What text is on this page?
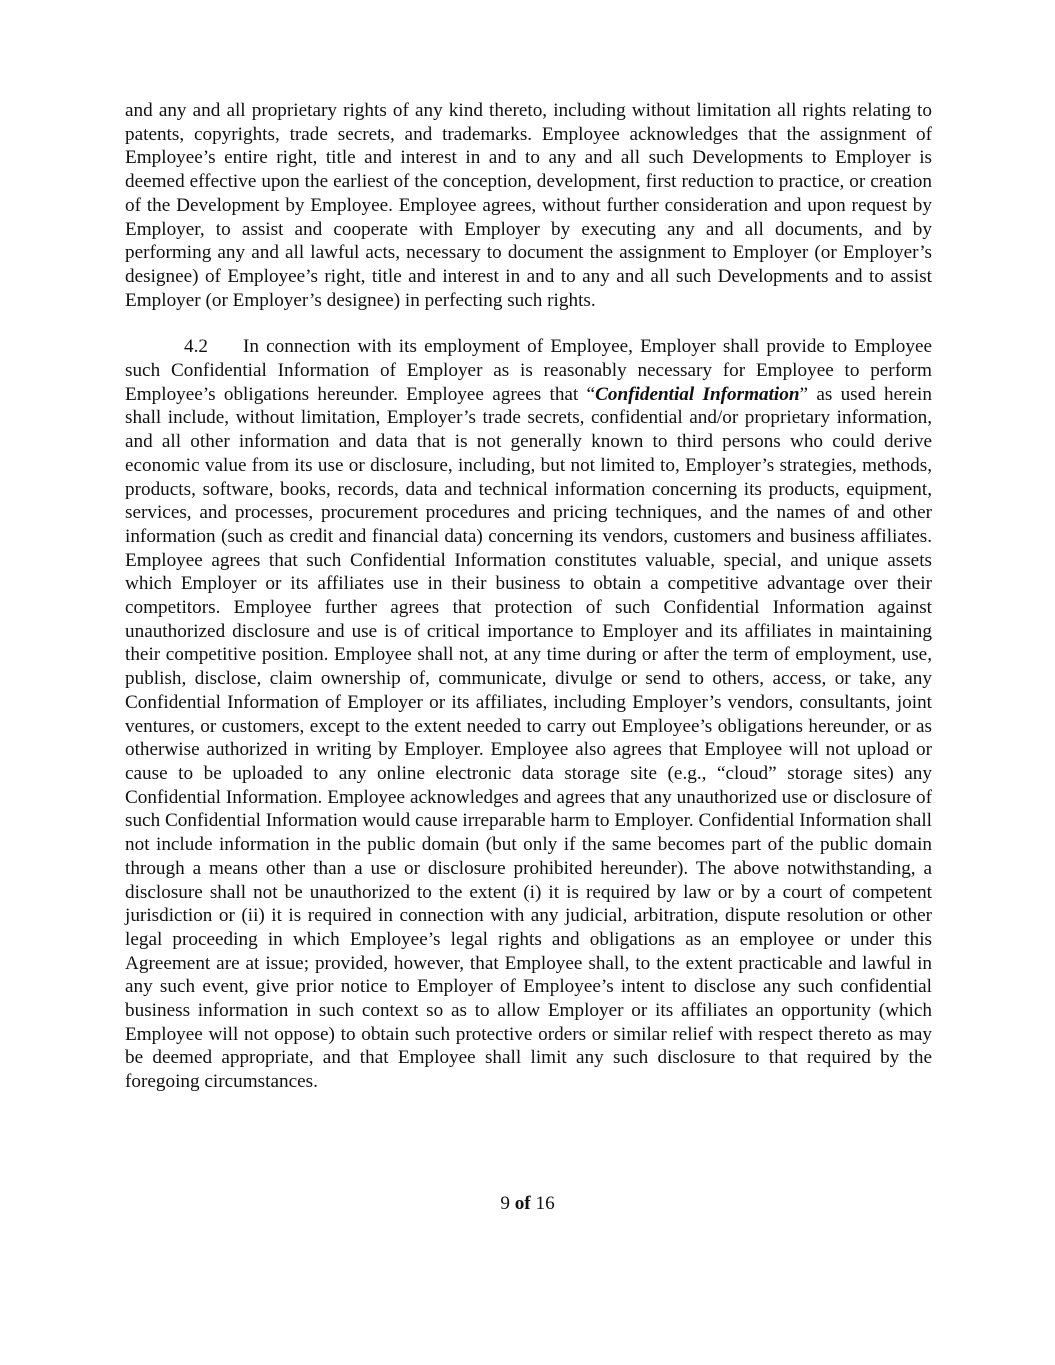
and any and all proprietary rights of any kind thereto, including without limitation all rights relating to patents, copyrights, trade secrets, and trademarks. Employee acknowledges that the assignment of Employee’s entire right, title and interest in and to any and all such Developments to Employer is deemed effective upon the earliest of the conception, development, first reduction to practice, or creation of the Development by Employee. Employee agrees, without further consideration and upon request by Employer, to assist and cooperate with Employer by executing any and all documents, and by performing any and all lawful acts, necessary to document the assignment to Employer (or Employer’s designee) of Employee’s right, title and interest in and to any and all such Developments and to assist Employer (or Employer’s designee) in perfecting such rights.

4.2 In connection with its employment of Employee, Employer shall provide to Employee such Confidential Information of Employer as is reasonably necessary for Employee to perform Employee’s obligations hereunder. Employee agrees that “Confidential Information” as used herein shall include, without limitation, Employer’s trade secrets, confidential and/or proprietary information, and all other information and data that is not generally known to third persons who could derive economic value from its use or disclosure, including, but not limited to, Employer’s strategies, methods, products, software, books, records, data and technical information concerning its products, equipment, services, and processes, procurement procedures and pricing techniques, and the names of and other information (such as credit and financial data) concerning its vendors, customers and business affiliates. Employee agrees that such Confidential Information constitutes valuable, special, and unique assets which Employer or its affiliates use in their business to obtain a competitive advantage over their competitors. Employee further agrees that protection of such Confidential Information against unauthorized disclosure and use is of critical importance to Employer and its affiliates in maintaining their competitive position. Employee shall not, at any time during or after the term of employment, use, publish, disclose, claim ownership of, communicate, divulge or send to others, access, or take, any Confidential Information of Employer or its affiliates, including Employer’s vendors, consultants, joint ventures, or customers, except to the extent needed to carry out Employee’s obligations hereunder, or as otherwise authorized in writing by Employer. Employee also agrees that Employee will not upload or cause to be uploaded to any online electronic data storage site (e.g., “cloud” storage sites) any Confidential Information. Employee acknowledges and agrees that any unauthorized use or disclosure of such Confidential Information would cause irreparable harm to Employer. Confidential Information shall not include information in the public domain (but only if the same becomes part of the public domain through a means other than a use or disclosure prohibited hereunder). The above notwithstanding, a disclosure shall not be unauthorized to the extent (i) it is required by law or by a court of competent jurisdiction or (ii) it is required in connection with any judicial, arbitration, dispute resolution or other legal proceeding in which Employee’s legal rights and obligations as an employee or under this Agreement are at issue; provided, however, that Employee shall, to the extent practicable and lawful in any such event, give prior notice to Employer of Employee’s intent to disclose any such confidential business information in such context so as to allow Employer or its affiliates an opportunity (which Employee will not oppose) to obtain such protective orders or similar relief with respect thereto as may be deemed appropriate, and that Employee shall limit any such disclosure to that required by the foregoing circumstances.

9 of 16
